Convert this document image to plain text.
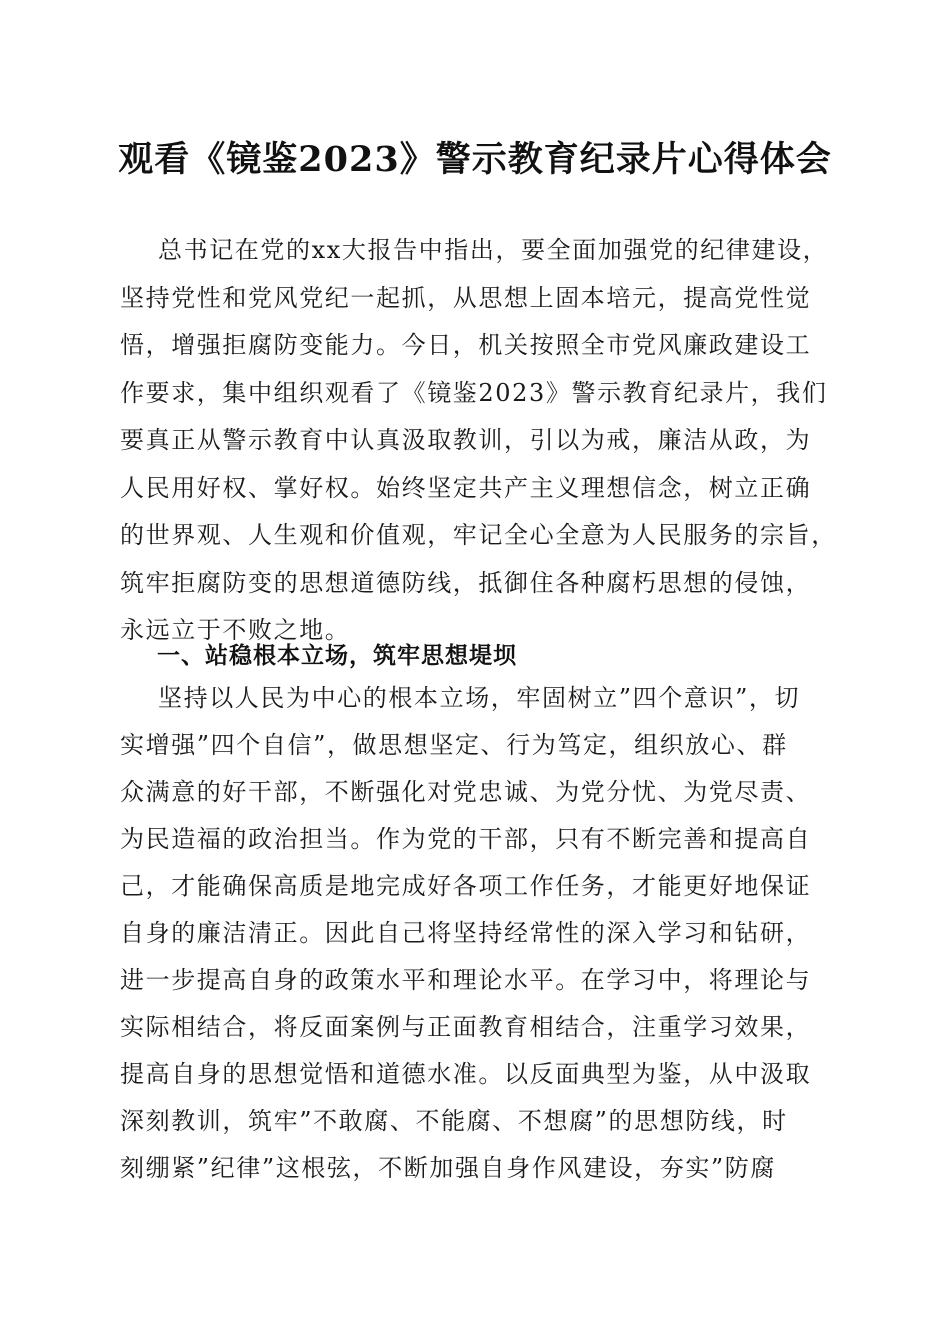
观看《镜鉴2023》警示教育纪录片心得体会
总书记在党的xx大报告中指出，要全面加强党的纪律建设，
坚持党性和党风党纪一起抓，从思想上固本培元，提高党性觉
悟，增强拒腐防变能力。今日，机关按照全市党风廉政建设工
作要求，集中组织观看了《镜鉴2023》警示教育纪录片，我们
要真正从警示教育中认真汲取教训，引以为戒，廉洁从政，为
人民用好权、掌好权。始终坚定共产主义理想信念，树立正确
的世界观、人生观和价值观，牢记全心全意为人民服务的宗旨，
筑牢拒腐防变的思想道德防线，抵御住各种腐朽思想的侵蚀，
永远立于不败之地。
一、站稳根本立场，筑牢思想堤坝
坚持以人民为中心的根本立场，牢固树立”四个意识”，切
实增强”四个自信”，做思想坚定、行为笃定，组织放心、群
众满意的好干部，不断强化对党忠诚、为党分忧、为党尽责、
为民造福的政治担当。作为党的干部，只有不断完善和提高自
己，才能确保高质是地完成好各项工作任务，才能更好地保证
自身的廉洁清正。因此自己将坚持经常性的深入学习和钻研，
进一步提高自身的政策水平和理论水平。在学习中，将理论与
实际相结合，将反面案例与正面教育相结合，注重学习效果，
提高自身的思想觉悟和道德水准。以反面典型为鉴，从中汲取
深刻教训，筑牢”不敢腐、不能腐、不想腐”的思想防线，时
刻绷紧”纪律”这根弦，不断加强自身作风建设，夯实”防腐
